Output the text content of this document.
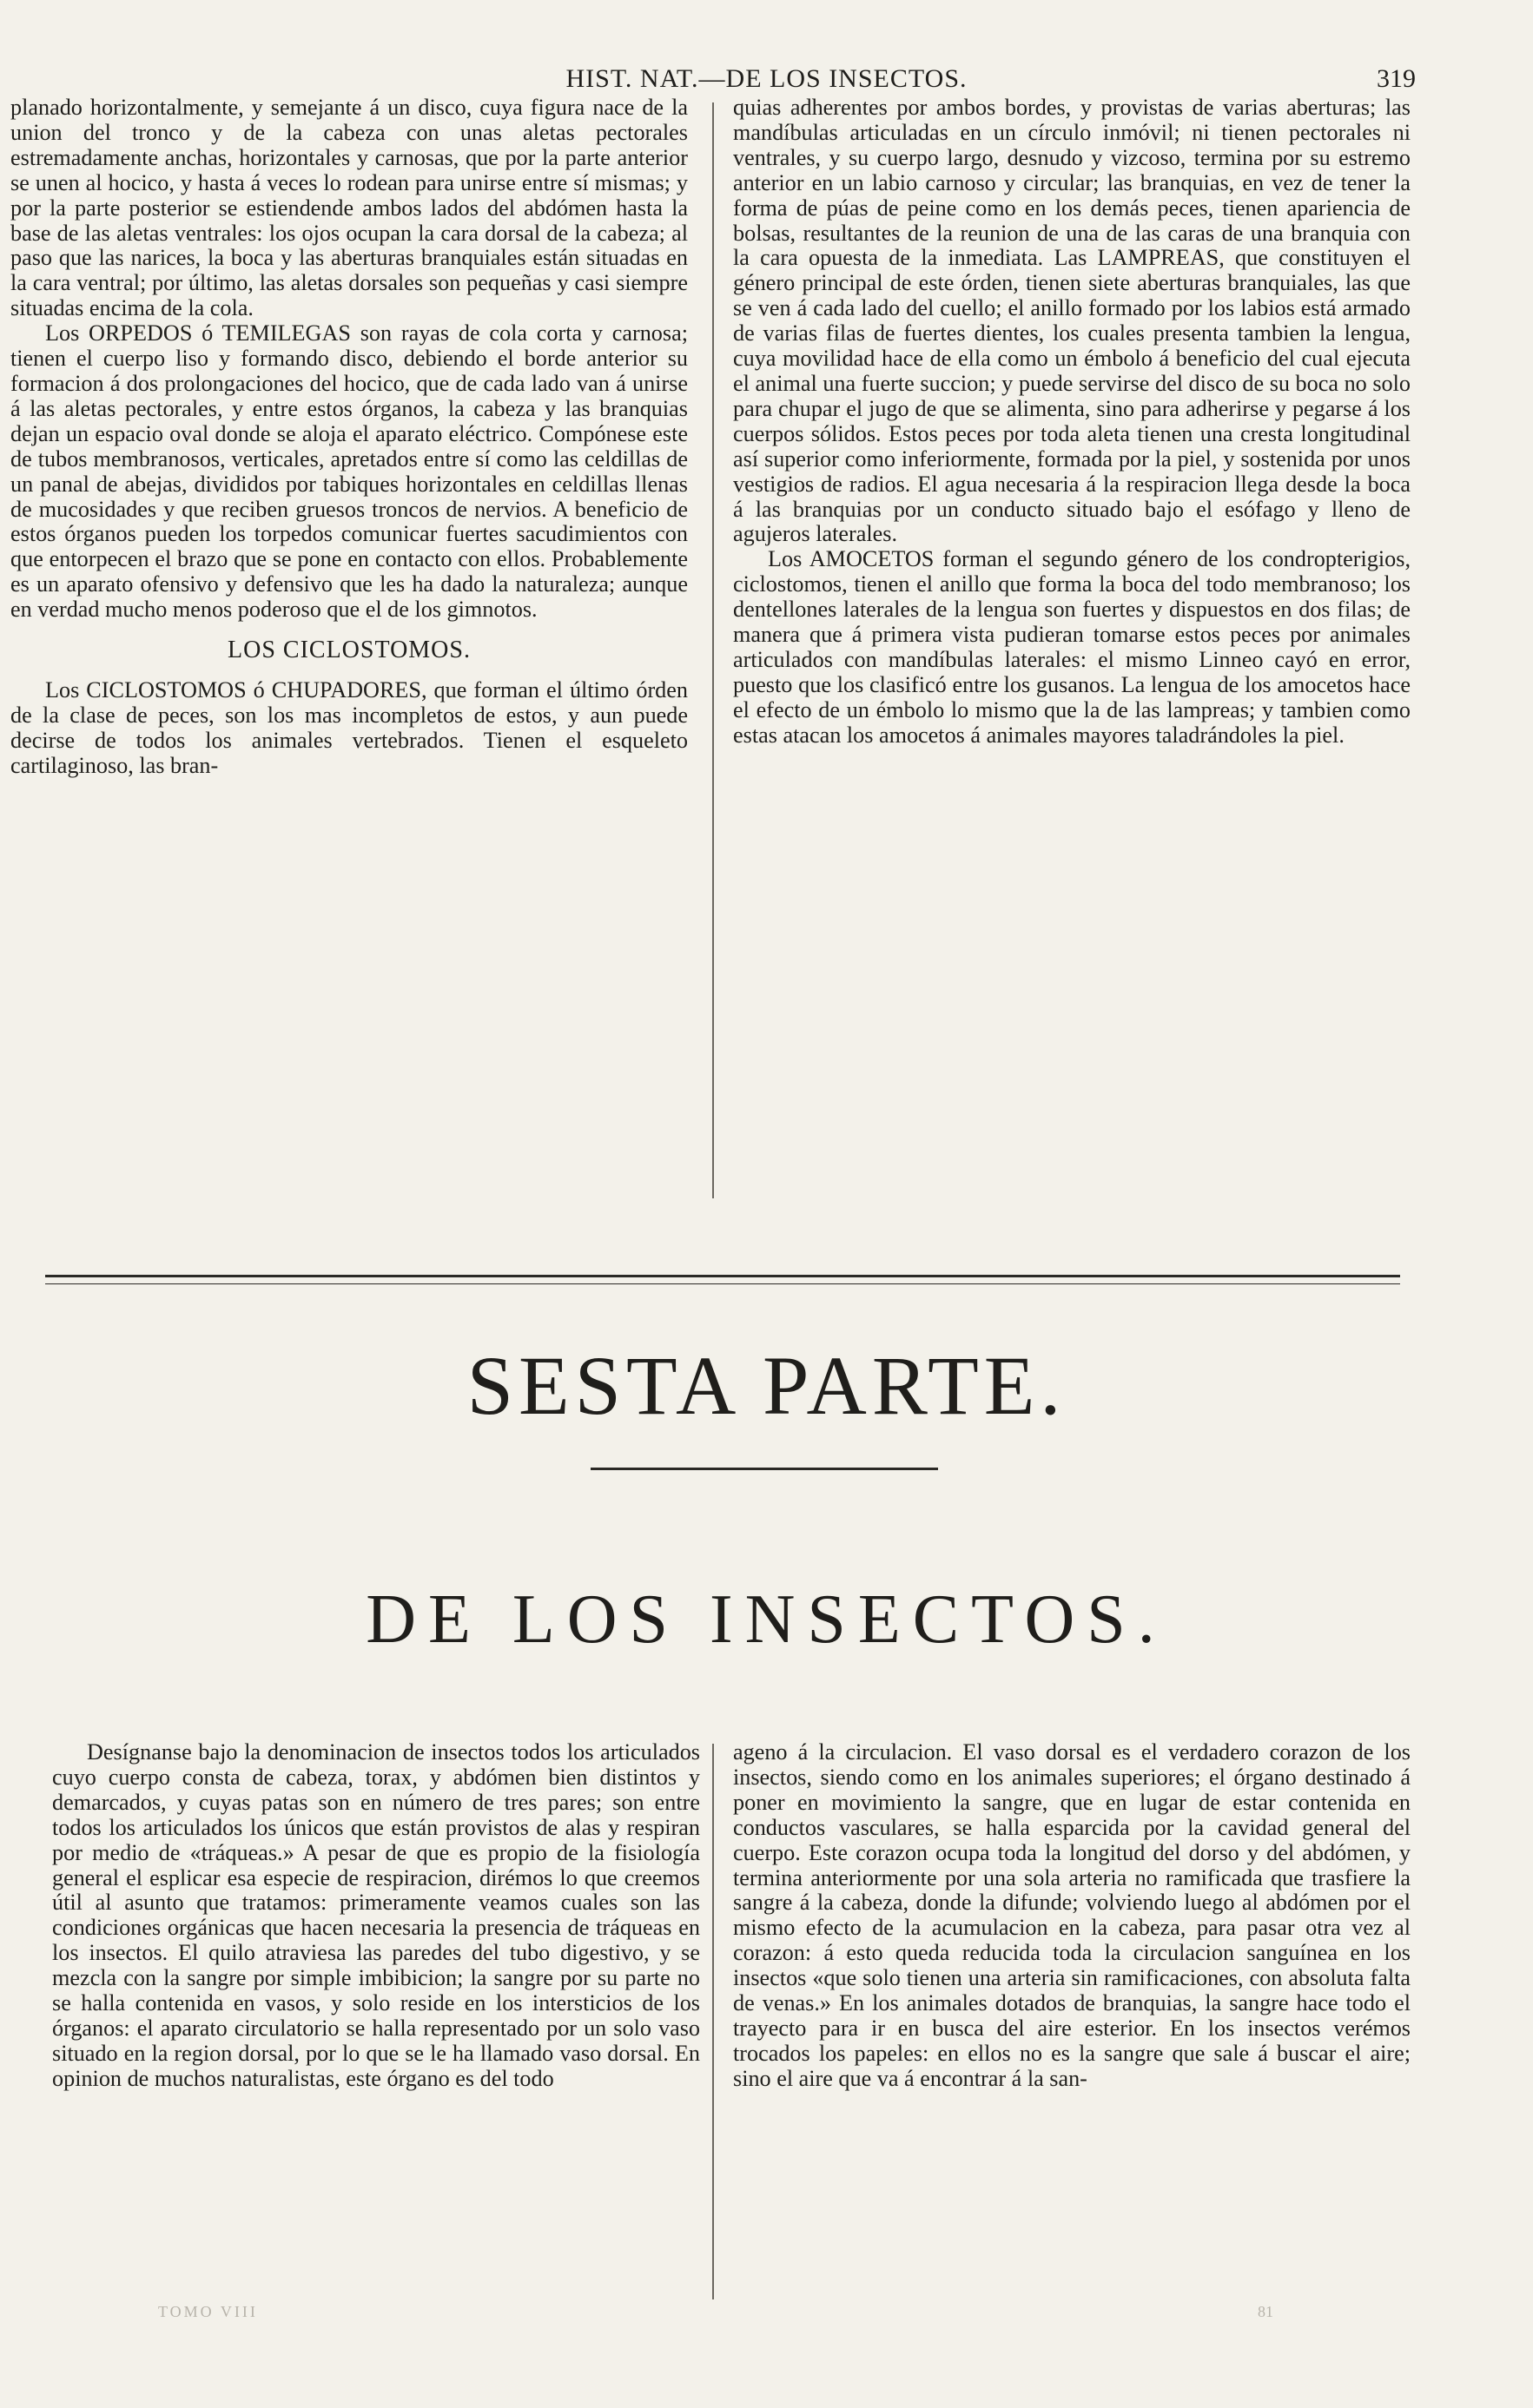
HIST. NAT.—DE LOS INSECTOS.	319

planado horizontalmente, y semejante á un disco, cuya figura nace de la union del tronco y de la cabeza con unas aletas pectorales estremadamente anchas, horizontales y carnosas, que por la parte anterior se unen al hocico, y hasta á veces lo rodean para unirse entre sí mismas; y por la parte posterior se estiendende ambos lados del abdómen hasta la base de las aletas ventrales: los ojos ocupan la cara dorsal de la cabeza; al paso que las narices, la boca y las aberturas branquiales están situadas en la cara ventral; por último, las aletas dorsales son pequeñas y casi siempre situadas encima de la cola.

Los ORPEDOS ó TEMILEGAS son rayas de cola corta y carnosa; tienen el cuerpo liso y formando disco, debiendo el borde anterior su formacion á dos prolongaciones del hocico, que de cada lado van á unirse á las aletas pectorales, y entre estos órganos, la cabeza y las branquias dejan un espacio oval donde se aloja el aparato eléctrico. Compónese este de tubos membranosos, verticales, apretados entre sí como las celdillas de un panal de abejas, divididos por tabiques horizontales en celdillas llenas de mucosidades y que reciben gruesos troncos de nervios. A beneficio de estos órganos pueden los torpedos comunicar fuertes sacudimientos con que entorpecen el brazo que se pone en contacto con ellos. Probablemente es un aparato ofensivo y defensivo que les ha dado la naturaleza; aunque en verdad mucho menos poderoso que el de los gimnotos.

LOS CICLOSTOMOS.

Los CICLOSTOMOS ó CHUPADORES, que forman el último órden de la clase de peces, son los mas incompletos de estos, y aun puede decirse de todos los animales vertebrados. Tienen el esqueleto cartilaginoso, las bran-

quias adherentes por ambos bordes, y provistas de varias aberturas; las mandíbulas articuladas en un círculo inmóvil; ni tienen pectorales ni ventrales, y su cuerpo largo, desnudo y vizcoso, termina por su estremo anterior en un labio carnoso y circular; las branquias, en vez de tener la forma de púas de peine como en los demás peces, tienen apariencia de bolsas, resultantes de la reunion de una de las caras de una branquia con la cara opuesta de la inmediata. Las LAMPREAS, que constituyen el género principal de este órden, tienen siete aberturas branquiales, las que se ven á cada lado del cuello; el anillo formado por los labios está armado de varias filas de fuertes dientes, los cuales presenta tambien la lengua, cuya movilidad hace de ella como un émbolo á beneficio del cual ejecuta el animal una fuerte succion; y puede servirse del disco de su boca no solo para chupar el jugo de que se alimenta, sino para adherirse y pegarse á los cuerpos sólidos. Estos peces por toda aleta tienen una cresta longitudinal así superior como inferiormente, formada por la piel, y sostenida por unos vestigios de radios. El agua necesaria á la respiracion llega desde la boca á las branquias por un conducto situado bajo el esófago y lleno de agujeros laterales.

Los AMOCETOS forman el segundo género de los condropterigios, ciclostomos, tienen el anillo que forma la boca del todo membranoso; los dentellones laterales de la lengua son fuertes y dispuestos en dos filas; de manera que á primera vista pudieran tomarse estos peces por animales articulados con mandíbulas laterales: el mismo Linneo cayó en error, puesto que los clasificó entre los gusanos. La lengua de los amocetos hace el efecto de un émbolo lo mismo que la de las lampreas; y tambien como estas atacan los amocetos á animales mayores taladrándoles la piel.

SESTA PARTE.
DE LOS INSECTOS.

Desígnanse bajo la denominacion de insectos todos los articulados cuyo cuerpo consta de cabeza, torax, y abdómen bien distintos y demarcados, y cuyas patas son en número de tres pares; son entre todos los articulados los únicos que están provistos de alas y respiran por medio de «tráqueas.» A pesar de que es propio de la fisiología general el esplicar esa especie de respiracion, dirémos lo que creemos útil al asunto que tratamos: primeramente veamos cuales son las condiciones orgánicas que hacen necesaria la presencia de tráqueas en los insectos. El quilo atraviesa las paredes del tubo digestivo, y se mezcla con la sangre por simple imbibicion; la sangre por su parte no se halla contenida en vasos, y solo reside en los intersticios de los órganos: el aparato circulatorio se halla representado por un solo vaso situado en la region dorsal, por lo que se le ha llamado vaso dorsal. En opinion de muchos naturalistas, este órgano es del todo

ageno á la circulacion. El vaso dorsal es el verdadero corazon de los insectos, siendo como en los animales superiores; el órgano destinado á poner en movimiento la sangre, que en lugar de estar contenida en conductos vasculares, se halla esparcida por la cavidad general del cuerpo. Este corazon ocupa toda la longitud del dorso y del abdómen, y termina anteriormente por una sola arteria no ramificada que trasfiere la sangre á la cabeza, donde la difunde; volviendo luego al abdómen por el mismo efecto de la acumulacion en la cabeza, para pasar otra vez al corazon: á esto queda reducida toda la circulacion sanguínea en los insectos «que solo tienen una arteria sin ramificaciones, con absoluta falta de venas.» En los animales dotados de branquias, la sangre hace todo el trayecto para ir en busca del aire esterior. En los insectos verémos trocados los papeles: en ellos no es la sangre que sale á buscar el aire; sino el aire que va á encontrar á la san-

TOMO VIII	81
